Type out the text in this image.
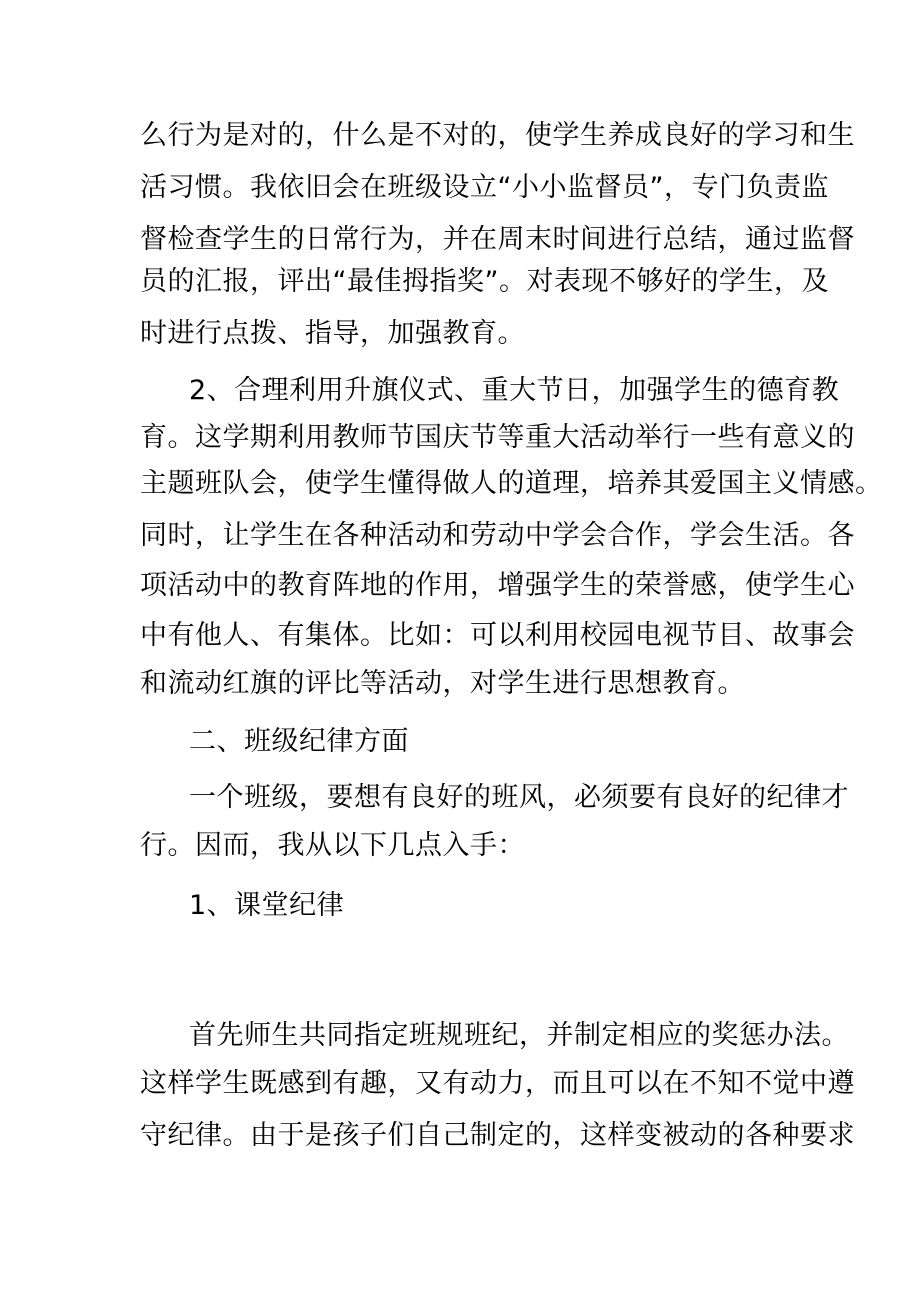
么行为是对的，什么是不对的，使学生养成良好的学习和生
活习惯。我依旧会在班级设立“小小监督员”，专门负责监
督检查学生的日常行为，并在周末时间进行总结，通过监督
员的汇报，评出“最佳拇指奖”。对表现不够好的学生，及
时进行点拨、指导，加强教育。
2、合理利用升旗仪式、重大节日，加强学生的德育教
育。这学期利用教师节国庆节等重大活动举行一些有意义的
主题班队会，使学生懂得做人的道理，培养其爱国主义情感。
同时，让学生在各种活动和劳动中学会合作，学会生活。各
项活动中的教育阵地的作用，增强学生的荣誉感，使学生心
中有他人、有集体。比如：可以利用校园电视节目、故事会
和流动红旗的评比等活动，对学生进行思想教育。
二、班级纪律方面
一个班级，要想有良好的班风，必须要有良好的纪律才
行。因而，我从以下几点入手：
1、课堂纪律
首先师生共同指定班规班纪，并制定相应的奖惩办法。
这样学生既感到有趣，又有动力，而且可以在不知不觉中遵
守纪律。由于是孩子们自己制定的，这样变被动的各种要求
